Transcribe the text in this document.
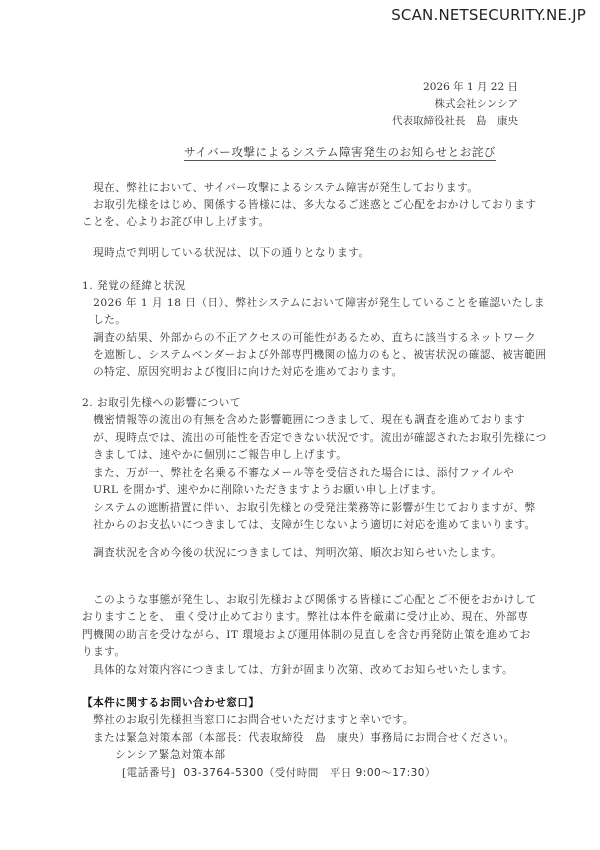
SCAN.NETSECURITY.NE.JP
2026 年 1 月 22 日
株式会社シンシア
代表取締役社長　島　康央
サイバー攻撃によるシステム障害発生のお知らせとお詫び
　現在、弊社において、サイバー攻撃によるシステム障害が発生しております。
　お取引先様をはじめ、関係する皆様には、多大なるご迷惑とご心配をおかけしております
ことを、心よりお詫び申し上げます。
　現時点で判明している状況は、以下の通りとなります。
1. 発覚の経緯と状況
　2026 年 1 月 18 日（日）、弊社システムにおいて障害が発生していることを確認いたしま
　した。
　調査の結果、外部からの不正アクセスの可能性があるため、直ちに該当するネットワーク
　を遮断し、システムベンダーおよび外部専門機関の協力のもと、被害状況の確認、被害範囲
　の特定、原因究明および復旧に向けた対応を進めております。
2. お取引先様への影響について
　機密情報等の流出の有無を含めた影響範囲につきまして、現在も調査を進めております
　が、現時点では、流出の可能性を否定できない状況です。流出が確認されたお取引先様につ
　きましては、速やかに個別にご報告申し上げます。
　また、万が一、弊社を名乗る不審なメール等を受信された場合には、添付ファイルや
　URL を開かず、速やかに削除いただきますようお願い申し上げます。
　システムの遮断措置に伴い、お取引先様との受発注業務等に影響が生じておりますが、弊
　社からのお支払いにつきましては、支障が生じないよう適切に対応を進めてまいります。
　調査状況を含め今後の状況につきましては、判明次第、順次お知らせいたします。
　このような事態が発生し、お取引先様および関係する皆様にご心配とご不便をおかけして
おりますことを、 重く受け止めております。弊社は本件を厳粛に受け止め、現在、外部専
門機関の助言を受けながら、IT 環境および運用体制の見直しを含む再発防止策を進めてお
ります。
　具体的な対策内容につきましては、方針が固まり次第、改めてお知らせいたします。
【本件に関するお問い合わせ窓口】
　弊社のお取引先様担当窓口にお問合せいただけますと幸いです。
　または緊急対策本部（本部長：代表取締役　島　康央）事務局にお問合せください。
シンシア緊急対策本部
[電話番号] 03-3764-5300（受付時間　平日 9:00～17:30）
